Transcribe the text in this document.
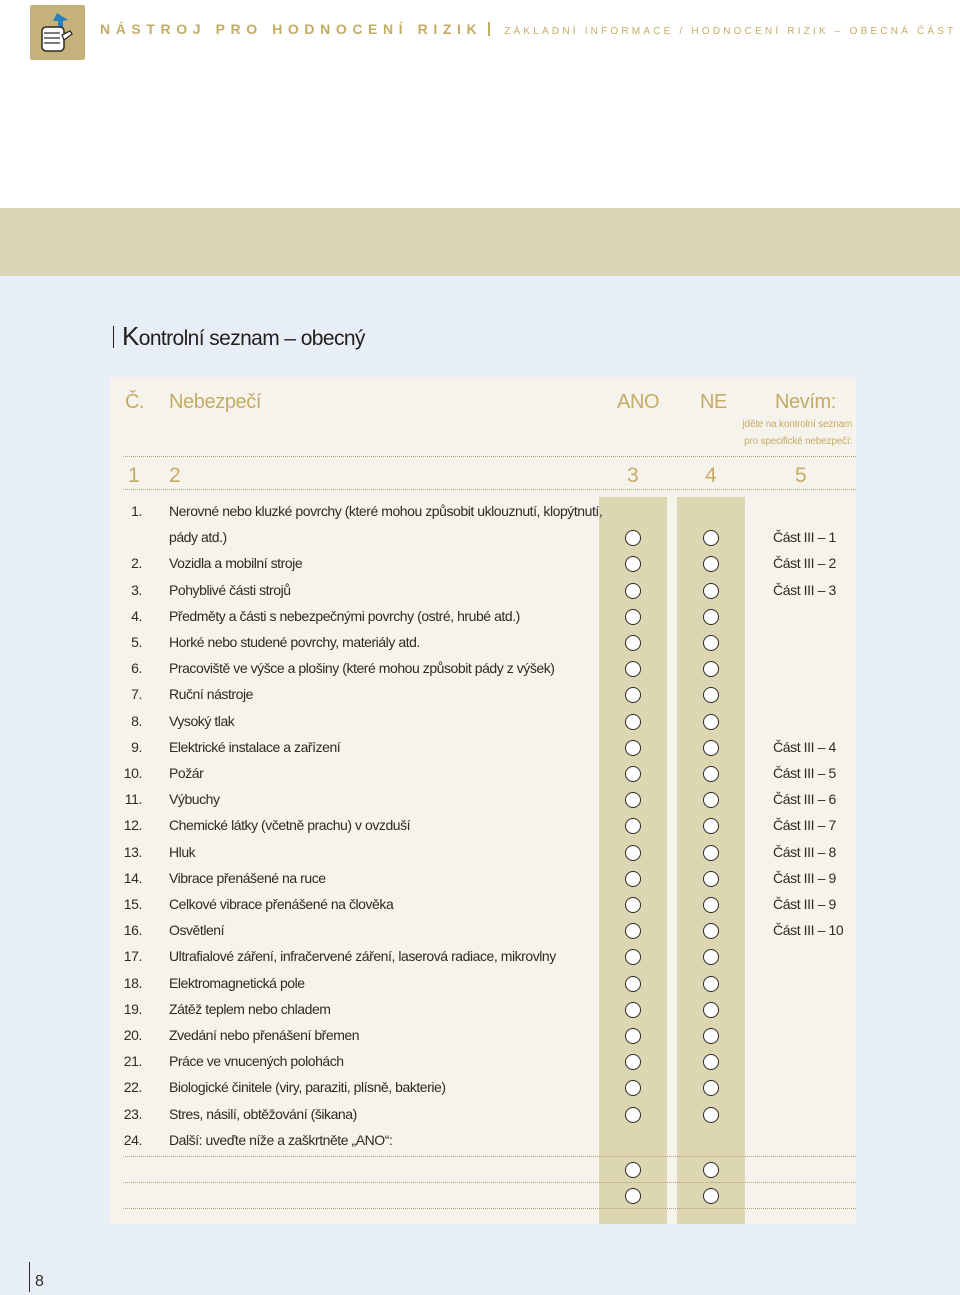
NÁSTROJ PRO HODNOCENÍ RIZIK ZÁKLADNÍ INFORMACE / HODNOCENÍ RIZIK – OBECNÁ ČÁST
Kontrolní seznam – obecný
Č. Nebezpečí	ANO NE Nevím:
jděte na kontrolní seznam
pro specifické nebezpečí:
1 2	3	4	5
1. Nerovné nebo kluzké povrchy (které mohou způsobit uklouznutí, klopýtnutí,
pády atd.)	Část III – 1
2. Vozidla a mobilní stroje	Část III – 2
3. Pohyblivé části strojů	Část III – 3
4. Předměty a části s nebezpečnými povrchy (ostré, hrubé atd.)
5. Horké nebo studené povrchy, materiály atd.
6. Pracoviště ve výšce a plošiny (které mohou způsobit pády z výšek)
7. Ruční nástroje
8. Vysoký tlak
9. Elektrické instalace a zařízení	Část III – 4
10. Požár	Část III – 5
11. Výbuchy	Část III – 6
12. Chemické látky (včetně prachu) v ovzduší	Část III – 7
13. Hluk	Část III – 8
14. Vibrace přenášené na ruce	Část III – 9
15. Celkové vibrace přenášené na člověka	Část III – 9
16. Osvětlení	Část III – 10
17. Ultrafialové záření, infračervené záření, laserová radiace, mikrovlny
18. Elektromagnetická pole
19. Zátěž teplem nebo chladem
20. Zvedání nebo přenášení břemen
21. Práce ve vnucených polohách
22. Biologické činitele (viry, paraziti, plísně, bakterie)
23. Stres, násilí, obtěžování (šikana)
24. Další: uveďte níže a zaškrtněte „ANO“:
8
